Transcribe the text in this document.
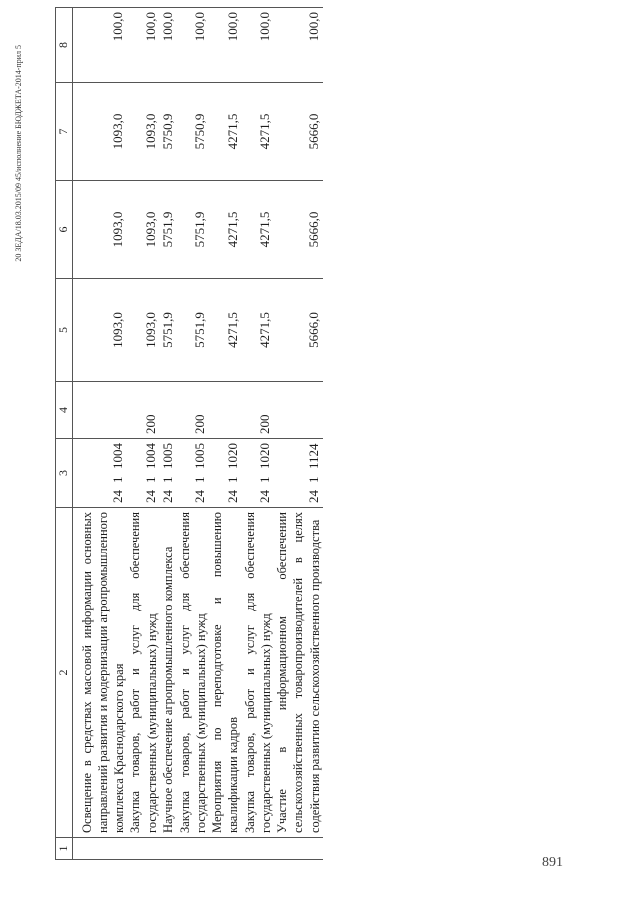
1	2	3	4	5	6	7	8
	Освещение в средствах массовой информации основных направлений развития и модернизации агропромышленного комплекса Краснодарского края	2411004		1093,0	1093,0	1093,0	100,0
	Закупка товаров, работ и услуг для обеспечения государственных (муниципальных) нужд	2411004	200	1093,0	1093,0	1093,0	100,0
	Научное обеспечение агропромышленного комплекса	2411005		5751,9	5751,9	5750,9	100,0
	Закупка товаров, работ и услуг для обеспечения государственных (муниципальных) нужд	2411005	200	5751,9	5751,9	5750,9	100,0
	Мероприятия по переподготовке и повышению квалификации кадров	2411020		4271,5	4271,5	4271,5	100,0
	Закупка товаров, работ и услуг для обеспечения государственных (муниципальных) нужд	2411020	200	4271,5	4271,5	4271,5	100,0
	Участие в информационном обеспечении сельскохозяйственных товаропроизводителей в целях содействия развитию сельскохозяйственного производства	2411124		5666,0	5666,0	5666,0	100,0
20 ЗЕДА/18.03.2015/09 45/исполнение БЮДЖЕТА-2014-прил 5
891
